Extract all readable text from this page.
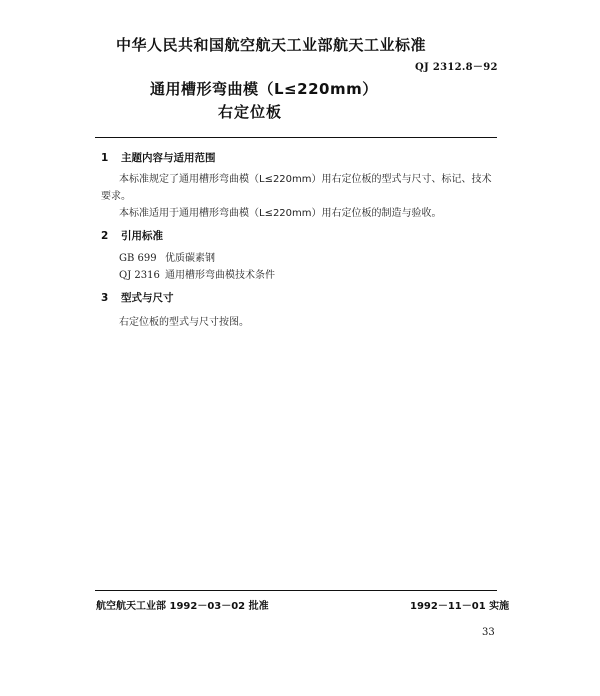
中华人民共和国航空航天工业部航天工业标准
QJ 2312.8－92
通用槽形弯曲模（L≤220mm）
右定位板
1 主题内容与适用范围
本标准规定了通用槽形弯曲模（L≤220mm）用右定位板的型式与尺寸、标记、技术
要求。
本标准适用于通用槽形弯曲模（L≤220mm）用右定位板的制造与验收。
2 引用标准
GB 699 优质碳素钢
QJ 2316 通用槽形弯曲模技术条件
3 型式与尺寸
右定位板的型式与尺寸按图。
航空航天工业部 1992－03－02 批准	1992－11－01 实施
33
